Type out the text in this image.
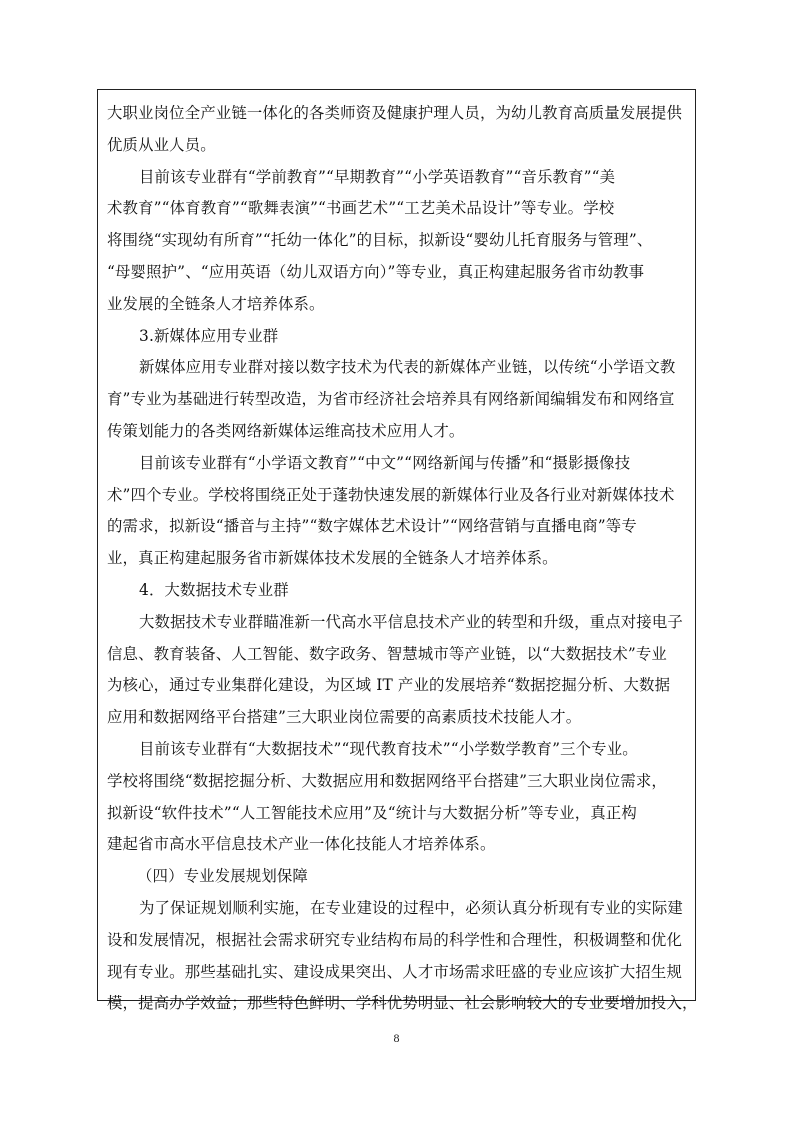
大职业岗位全产业链一体化的各类师资及健康护理人员，为幼儿教育高质量发展提供
优质从业人员。
目前该专业群有“学前教育”“早期教育”“小学英语教育”“音乐教育”“美
术教育”“体育教育”“歌舞表演”“书画艺术”“工艺美术品设计”等专业。学校
将围绕“实现幼有所育”“托幼一体化”的目标，拟新设“婴幼儿托育服务与管理”、
“母婴照护”、“应用英语（幼儿双语方向）”等专业，真正构建起服务省市幼教事
业发展的全链条人才培养体系。
3.新媒体应用专业群
新媒体应用专业群对接以数字技术为代表的新媒体产业链，以传统“小学语文教
育”专业为基础进行转型改造，为省市经济社会培养具有网络新闻编辑发布和网络宣
传策划能力的各类网络新媒体运维高技术应用人才。
目前该专业群有“小学语文教育”“中文”“网络新闻与传播”和“摄影摄像技
术”四个专业。学校将围绕正处于蓬勃快速发展的新媒体行业及各行业对新媒体技术
的需求，拟新设“播音与主持”“数字媒体艺术设计”“网络营销与直播电商”等专
业，真正构建起服务省市新媒体技术发展的全链条人才培养体系。
4．大数据技术专业群
大数据技术专业群瞄准新一代高水平信息技术产业的转型和升级，重点对接电子
信息、教育装备、人工智能、数字政务、智慧城市等产业链，以“大数据技术”专业
为核心，通过专业集群化建设，为区域 IT 产业的发展培养“数据挖掘分析、大数据
应用和数据网络平台搭建”三大职业岗位需要的高素质技术技能人才。
目前该专业群有“大数据技术”“现代教育技术”“小学数学教育”三个专业。
学校将围绕“数据挖掘分析、大数据应用和数据网络平台搭建”三大职业岗位需求，
拟新设“软件技术”“人工智能技术应用”及“统计与大数据分析”等专业，真正构
建起省市高水平信息技术产业一体化技能人才培养体系。
（四）专业发展规划保障
为了保证规划顺利实施，在专业建设的过程中，必须认真分析现有专业的实际建
设和发展情况，根据社会需求研究专业结构布局的科学性和合理性，积极调整和优化
现有专业。那些基础扎实、建设成果突出、人才市场需求旺盛的专业应该扩大招生规
模，提高办学效益；那些特色鲜明、学科优势明显、社会影响较大的专业要增加投入，
8
